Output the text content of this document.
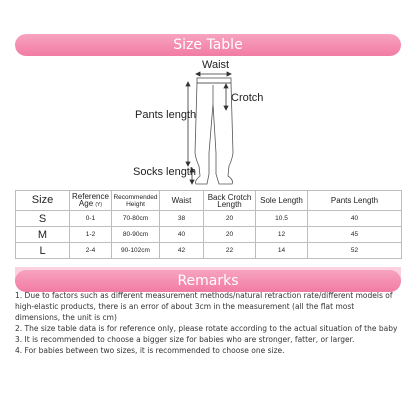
Size Table
Waist
Crotch
Pants length
Socks length
Size	Reference Age (Y)	Recommended Height	Waist	Back Crotch Length	Sole Length	Pants Length
S	0-1	70-80cm	38	20	10.5	40
M	1-2	80-90cm	40	20	12	45
L	2-4	90-102cm	42	22	14	52
Remarks

1. Due to factors such as different measurement methods/natural retraction rate/different models of high-elastic products, there is an error of about 3cm in the measurement (all the flat most dimensions, the unit is cm)

2. The size table data is for reference only, please rotate according to the actual situation of the baby

3. It is recommended to choose a bigger size for babies who are stronger, fatter, or larger.

4. For babies between two sizes, it is recommended to choose one size.
